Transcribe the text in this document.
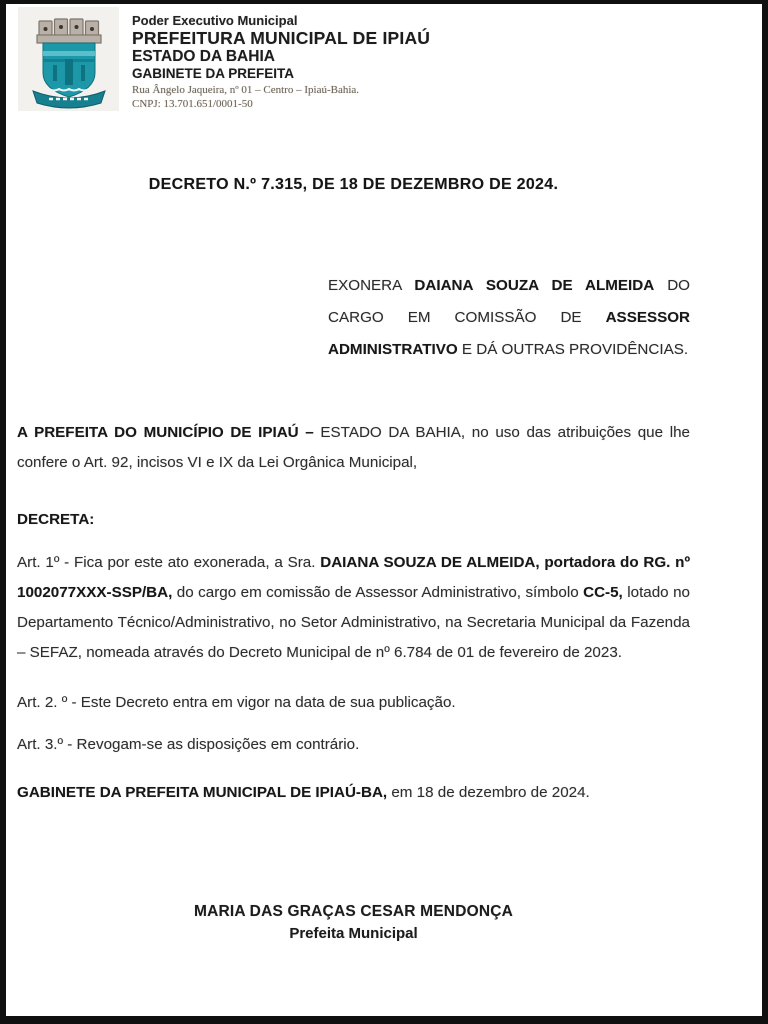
Poder Executivo Municipal
PREFEITURA MUNICIPAL DE IPIAÚ
ESTADO DA BAHIA
GABINETE DA PREFEITA
Rua Ângelo Jaqueira, nº 01 – Centro – Ipiaú-Bahia.
CNPJ: 13.701.651/0001-50
DECRETO N.º 7.315, DE 18 DE DEZEMBRO DE 2024.

EXONERA DAIANA SOUZA DE ALMEIDA DO CARGO EM COMISSÃO DE ASSESSOR ADMINISTRATIVO E DÁ OUTRAS PROVIDÊNCIAS.

A PREFEITA DO MUNICÍPIO DE IPIAÚ – ESTADO DA BAHIA, no uso das atribuições que lhe confere o Art. 92, incisos VI e IX da Lei Orgânica Municipal,

DECRETA:

Art. 1º - Fica por este ato exonerada, a Sra. DAIANA SOUZA DE ALMEIDA, portadora do RG. nº 1002077XXX-SSP/BA, do cargo em comissão de Assessor Administrativo, símbolo CC-5, lotado no Departamento Técnico/Administrativo, no Setor Administrativo, na Secretaria Municipal da Fazenda – SEFAZ, nomeada através do Decreto Municipal de nº 6.784 de 01 de fevereiro de 2023.

Art. 2. º - Este Decreto entra em vigor na data de sua publicação.

Art. 3.º - Revogam-se as disposições em contrário.

GABINETE DA PREFEITA MUNICIPAL DE IPIAÚ-BA, em 18 de dezembro de 2024.

MARIA DAS GRAÇAS CESAR MENDONÇA
Prefeita Municipal
